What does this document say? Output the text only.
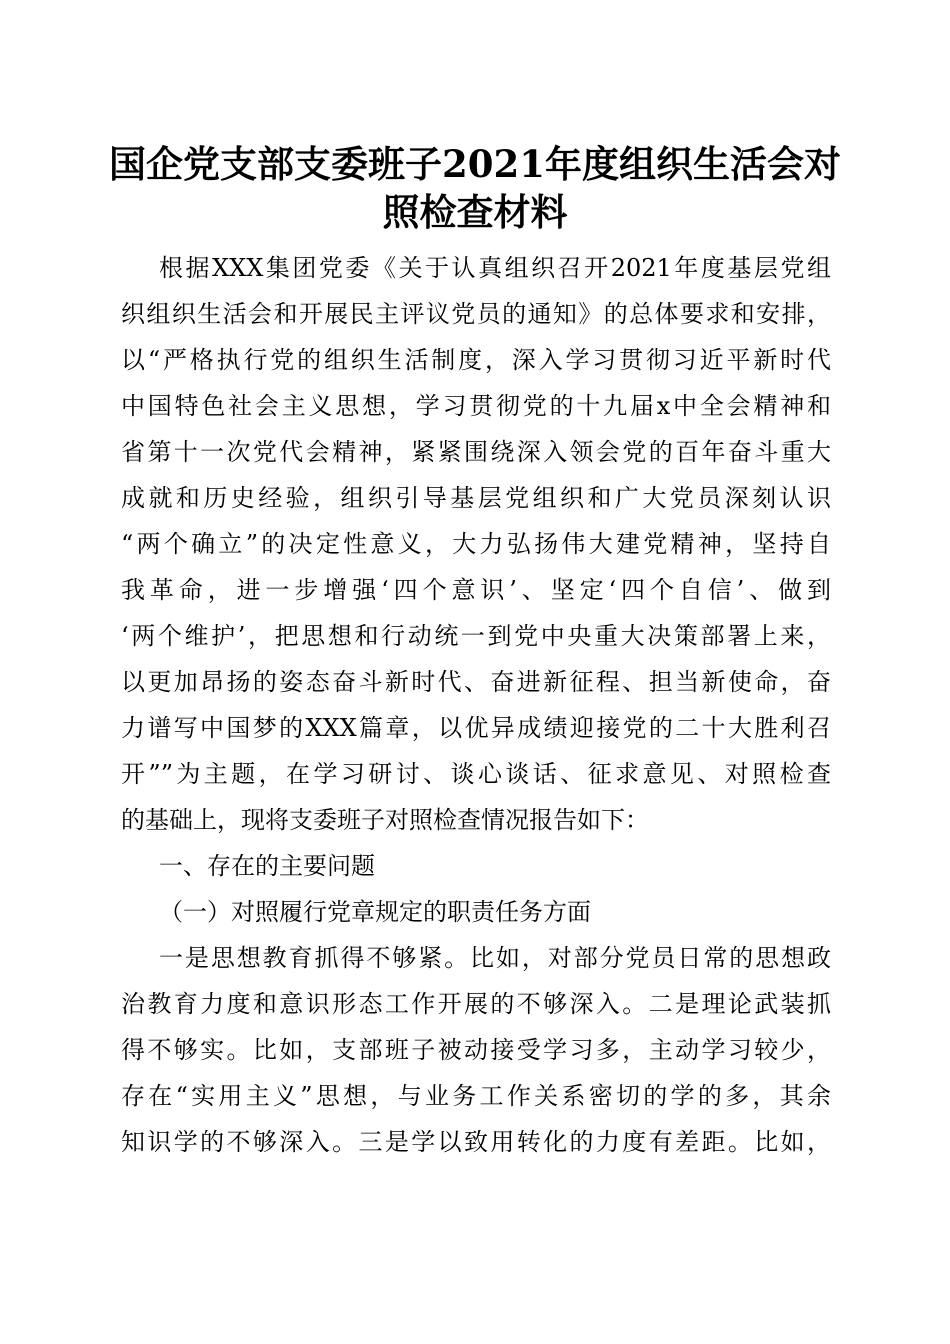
国企党支部支委班子2021年度组织生活会对
照检查材料
根据XXX集团党委《关于认真组织召开2021年度基层党组
织组织生活会和开展民主评议党员的通知》的总体要求和安排，
以“严格执行党的组织生活制度，深入学习贯彻习近平新时代
中国特色社会主义思想，学习贯彻党的十九届x中全会精神和
省第十一次党代会精神，紧紧围绕深入领会党的百年奋斗重大
成就和历史经验，组织引导基层党组织和广大党员深刻认识
“两个确立”的决定性意义，大力弘扬伟大建党精神，坚持自
我革命，进一步增强‘四个意识’、坚定‘四个自信’、做到
‘两个维护’，把思想和行动统一到党中央重大决策部署上来，
以更加昂扬的姿态奋斗新时代、奋进新征程、担当新使命，奋
力谱写中国梦的XXX篇章，以优异成绩迎接党的二十大胜利召
开””为主题，在学习研讨、谈心谈话、征求意见、对照检查
的基础上，现将支委班子对照检查情况报告如下：
一、存在的主要问题
（一）对照履行党章规定的职责任务方面
一是思想教育抓得不够紧。比如，对部分党员日常的思想政
治教育力度和意识形态工作开展的不够深入。二是理论武装抓
得不够实。比如，支部班子被动接受学习多，主动学习较少，
存在“实用主义”思想，与业务工作关系密切的学的多，其余
知识学的不够深入。三是学以致用转化的力度有差距。比如，
